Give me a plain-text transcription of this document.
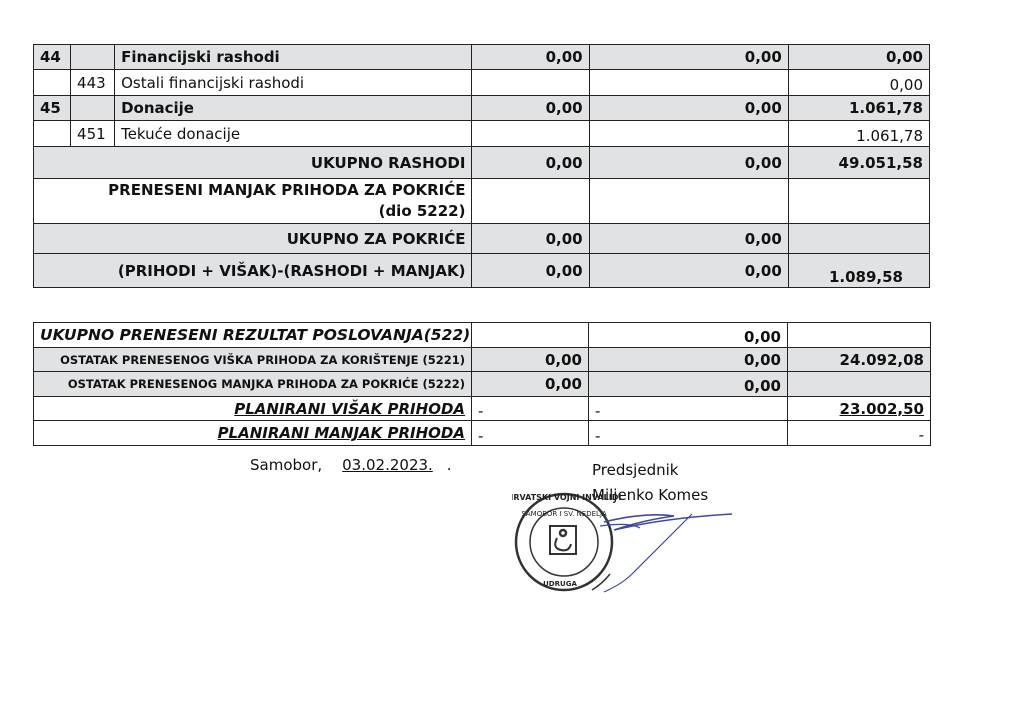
44		Financijski rashodi	0,00	0,00	0,00
	443	Ostali financijski rashodi			0,00
45		Donacije	0,00	0,00	1.061,78
	451	Tekuće donacije			1.061,78
UKUPNO RASHODI			0,00	0,00	49.051,58
PRENESENI MANJAK PRIHODA ZA POKRIĆE (dio 5222)					
UKUPNO ZA POKRIĆE			0,00	0,00	
(PRIHODI + VIŠAK)-(RASHODI + MANJAK)			0,00	0,00	1.089,58
UKUPNO PRENESENI REZULTAT POSLOVANJA(522)		0,00	
OSTATAK PRENESENOG VIŠKA PRIHODA ZA KORIŠTENJE (5221)	0,00	0,00	24.092,08
OSTATAK PRENESENOG MANJKA PRIHODA ZA POKRIĆE (5222)	0,00	0,00	
PLANIRANI VIŠAK PRIHODA	-	-	23.002,50
PLANIRANI MANJAK PRIHODA	-	-	-
Samobor, 03.02.2023. .	Predsjednik
Miljenko Komes
HRVATSKI VOJNI INVALIDI
SAMOBOR I SV. NEDELJA
UDRUGA
